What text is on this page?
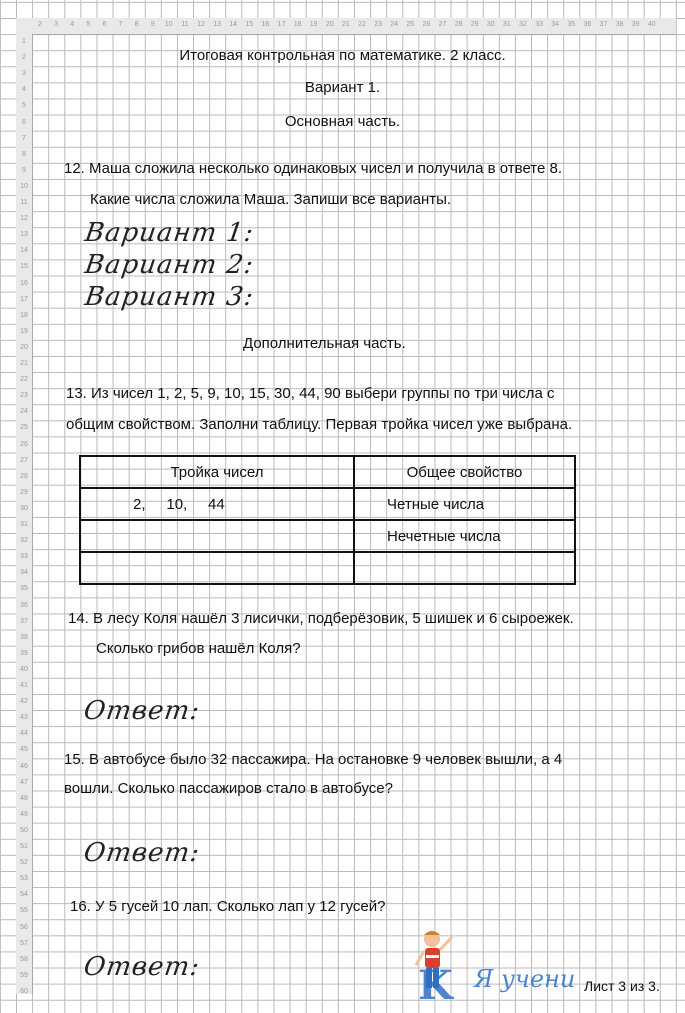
2	3	4	5	6	7	8	9	10	11	12	13	14	15	16	17	18	19	20	21	22	23	24	25	26	27	28	29	30	31	32	33	34	35	36	37	38	39	40
1
2
3
4
5
6
7
8
9
10
11
12
13
14
15
16
17
18
19
20
21
22
23
24
25
26
27
28
29
30
31
32
33
34
35
36
37
38
39
40
41
42
43
44
45
46
47
48
49
50
51
52
53
54
55
56
57
58
59
60
Итоговая контрольная по математике. 2 класс.
Вариант 1.
Основная часть.
12. Маша сложила несколько одинаковых чисел и получила в ответе 8.
Какие числа сложила Маша. Запиши все варианты.
Вариант 1:
Вариант 2:
Вариант 3:
Дополнительная часть.
13. Из чисел 1, 2, 5, 9, 10, 15, 30, 44, 90 выбери группы по три числа с
общим свойством. Заполни таблицу. Первая тройка чисел уже выбрана.
Тройка чисел	Общее свойство
2,     10,     44	Четные числа
	Нечетные числа

14. В лесу Коля нашёл 3 лисички, подберёзовик, 5 шишек и 6 сыроежек.
Сколько грибов нашёл Коля?
Ответ:
15. В автобусе было 32 пассажира. На остановке 9 человек вышли, а 4
вошли. Сколько пассажиров стало в автобусе?
Ответ:
16. У 5 гусей 10 лап. Сколько лап у 12 гусей?
Ответ:	K Я учени Лист 3 из 3.
